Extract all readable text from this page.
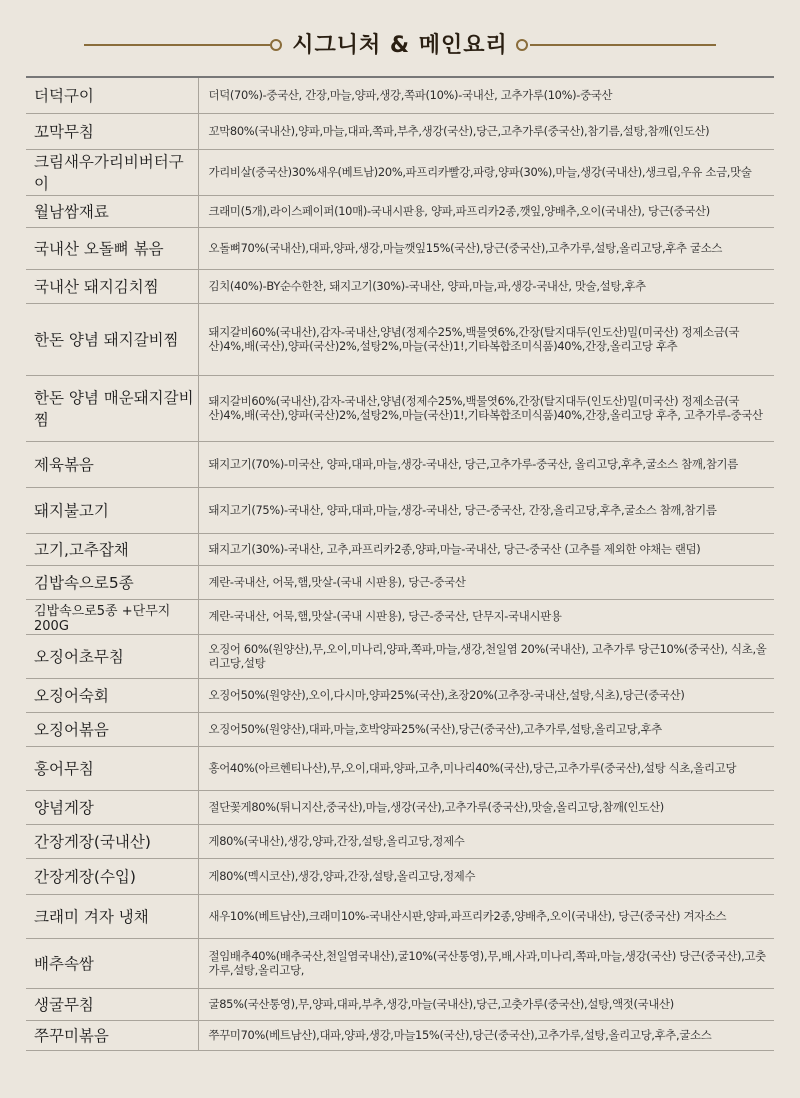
시그니처 & 메인요리
더덕구이	더덕(70%)-중국산, 간장,마늘,양파,생강,쪽파(10%)-국내산, 고추가루(10%)-중국산
꼬막무침	꼬막80%(국내산),양파,마늘,대파,쪽파,부추,생강(국산),당근,고추가루(중국산),참기름,설탕,참깨(인도산)
크림새우가리비버터구이	가리비살(중국산)30%새우(베트남)20%,파프리카빨강,파랑,양파(30%),마늘,생강(국내산),생크림,우유 소금,맛술
월남쌈재료	크래미(5개),라이스페이퍼(10매)-국내시판용, 양파,파프리카2종,깻잎,양배추,오이(국내산), 당근(중국산)
국내산 오돌뼈 볶음	오돌뼈70%(국내산),대파,양파,생강,마늘깻잎15%(국산),당근(중국산),고추가루,설탕,올리고당,후추 굴소스
국내산 돼지김치찜	김치(40%)-BY순수한찬, 돼지고기(30%)-국내산, 양파,마늘,파,생강-국내산, 맛술,설탕,후추
한돈 양념 돼지갈비찜	돼지갈비60%(국내산),감자-국내산,양념(정제수25%,백물엿6%,간장(탈지대두(인도산)밀(미국산) 정제소금(국산)4%,배(국산),양파(국산)2%,설탕2%,마늘(국산)1!,기타복합조미식품)40%,간장,올리고당 후추
한돈 양념 매운돼지갈비찜	돼지갈비60%(국내산),감자-국내산,양념(정제수25%,백물엿6%,간장(탈지대두(인도산)밀(미국산) 정제소금(국산)4%,배(국산),양파(국산)2%,설탕2%,마늘(국산)1!,기타복합조미식품)40%,간장,올리고당 후추, 고추가루-중국산
제육볶음	돼지고기(70%)-미국산, 양파,대파,마늘,생강-국내산, 당근,고추가루-중국산, 올리고당,후추,굴소스 참깨,참기름
돼지불고기	돼지고기(75%)-국내산, 양파,대파,마늘,생강-국내산, 당근-중국산, 간장,올리고당,후추,굴소스 참깨,참기름
고기,고추잡채	돼지고기(30%)-국내산, 고추,파프리카2종,양파,마늘-국내산, 당근-중국산 (고추를 제외한 야채는 랜덤)
김밥속으로5종	계란-국내산, 어묵,햄,맛살-(국내 시판용), 당근-중국산
김밥속으로5종 +단무지200G	계란-국내산, 어묵,햄,맛살-(국내 시판용), 당근-중국산, 단무지-국내시판용
오징어초무침	오징어 60%(원양산),무,오이,미나리,양파,쪽파,마늘,생강,천일염 20%(국내산), 고추가루 당근10%(중국산), 식초,올리고당,설탕
오징어숙회	오징어50%(원양산),오이,다시마,양파25%(국산),초장20%(고추장-국내산,설탕,식초),당근(중국산)
오징어볶음	오징어50%(원양산),대파,마늘,호박양파25%(국산),당근(중국산),고추가루,설탕,올리고당,후추
홍어무침	홍어40%(아르헨티나산),무,오이,대파,양파,고추,미나리40%(국산),당근,고추가루(중국산),설탕 식초,올리고당
양념게장	절단꽃게80%(튀니지산,중국산),마늘,생강(국산),고추가루(중국산),맛술,올리고당,참깨(인도산)
간장게장(국내산)	게80%(국내산),생강,양파,간장,설탕,올리고당,정제수
간장게장(수입)	게80%(멕시코산),생강,양파,간장,설탕,올리고당,정제수
크래미 겨자 냉채	새우10%(베트남산),크래미10%-국내산시판,양파,파프리카2종,양배추,오이(국내산), 당근(중국산) 겨자소스
배추속쌈	절임배추40%(배추국산,천일염국내산),굴10%(국산통영),무,배,사과,미나리,쪽파,마늘,생강(국산) 당근(중국산),고춧가루,설탕,올리고당,
생굴무침	굴85%(국산통영),무,양파,대파,부추,생강,마늘(국내산),당근,고춧가루(중국산),설탕,액젓(국내산)
쭈꾸미볶음	쭈꾸미70%(베트남산),대파,양파,생강,마늘15%(국산),당근(중국산),고추가루,설탕,올리고당,후추,굴소스
